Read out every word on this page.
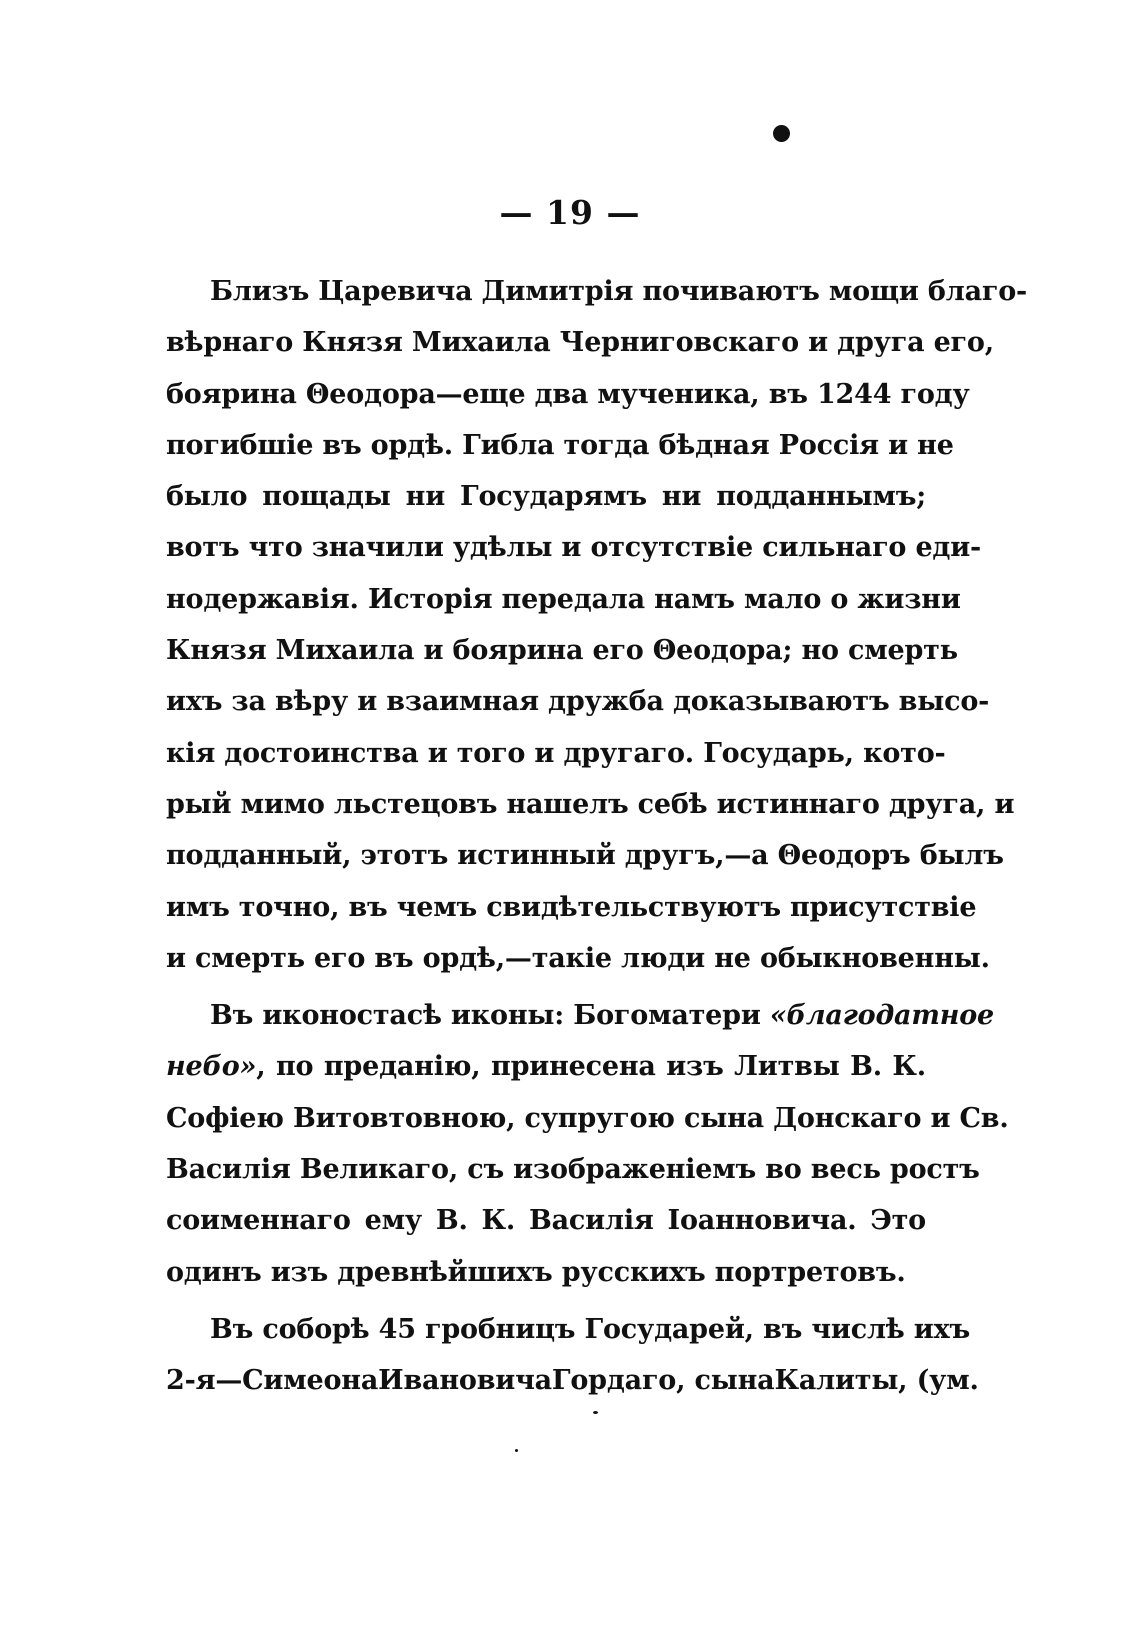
— 19 —
Близъ Царевича Димитрія почиваютъ мощи благо-
вѣрнаго Князя Михаила Черниговскаго и друга его,
боярина Θеодора—еще два мученика, въ 1244 году
погибшіе въ ордѣ. Гибла тогда бѣдная Россія и не
было пощады ни Государямъ ни подданнымъ;
вотъ что значили удѣлы и отсутствіе сильнаго еди-
нодержавія. Исторія передала намъ мало о жизни
Князя Михаила и боярина его Θеодора; но смерть
ихъ за вѣру и взаимная дружба доказываютъ высо-
кія достоинства и того и другаго. Государь, кото-
рый мимо льстецовъ нашелъ себѣ истиннаго друга, и
подданный, этотъ истинный другъ,—а Θеодоръ былъ
имъ точно, въ чемъ свидѣтельствуютъ присутствіе
и смерть его въ ордѣ,—такіе люди не обыкновенны.
Въ иконостасѣ иконы: Богоматери «благодатное
небо», по преданію, принесена изъ Литвы В. К.
Софіею Витовтовною, супругою сына Донскаго и Св.
Василія Великаго, съ изображеніемъ во весь ростъ
соименнаго ему В. К. Василія Іоанновича. Это
одинъ изъ древнѣйшихъ русскихъ портретовъ.
Въ соборѣ 45 гробницъ Государей, въ числѣ ихъ
2-я—СимеонаИвановичаГордаго, сынаКалиты, (ум.
